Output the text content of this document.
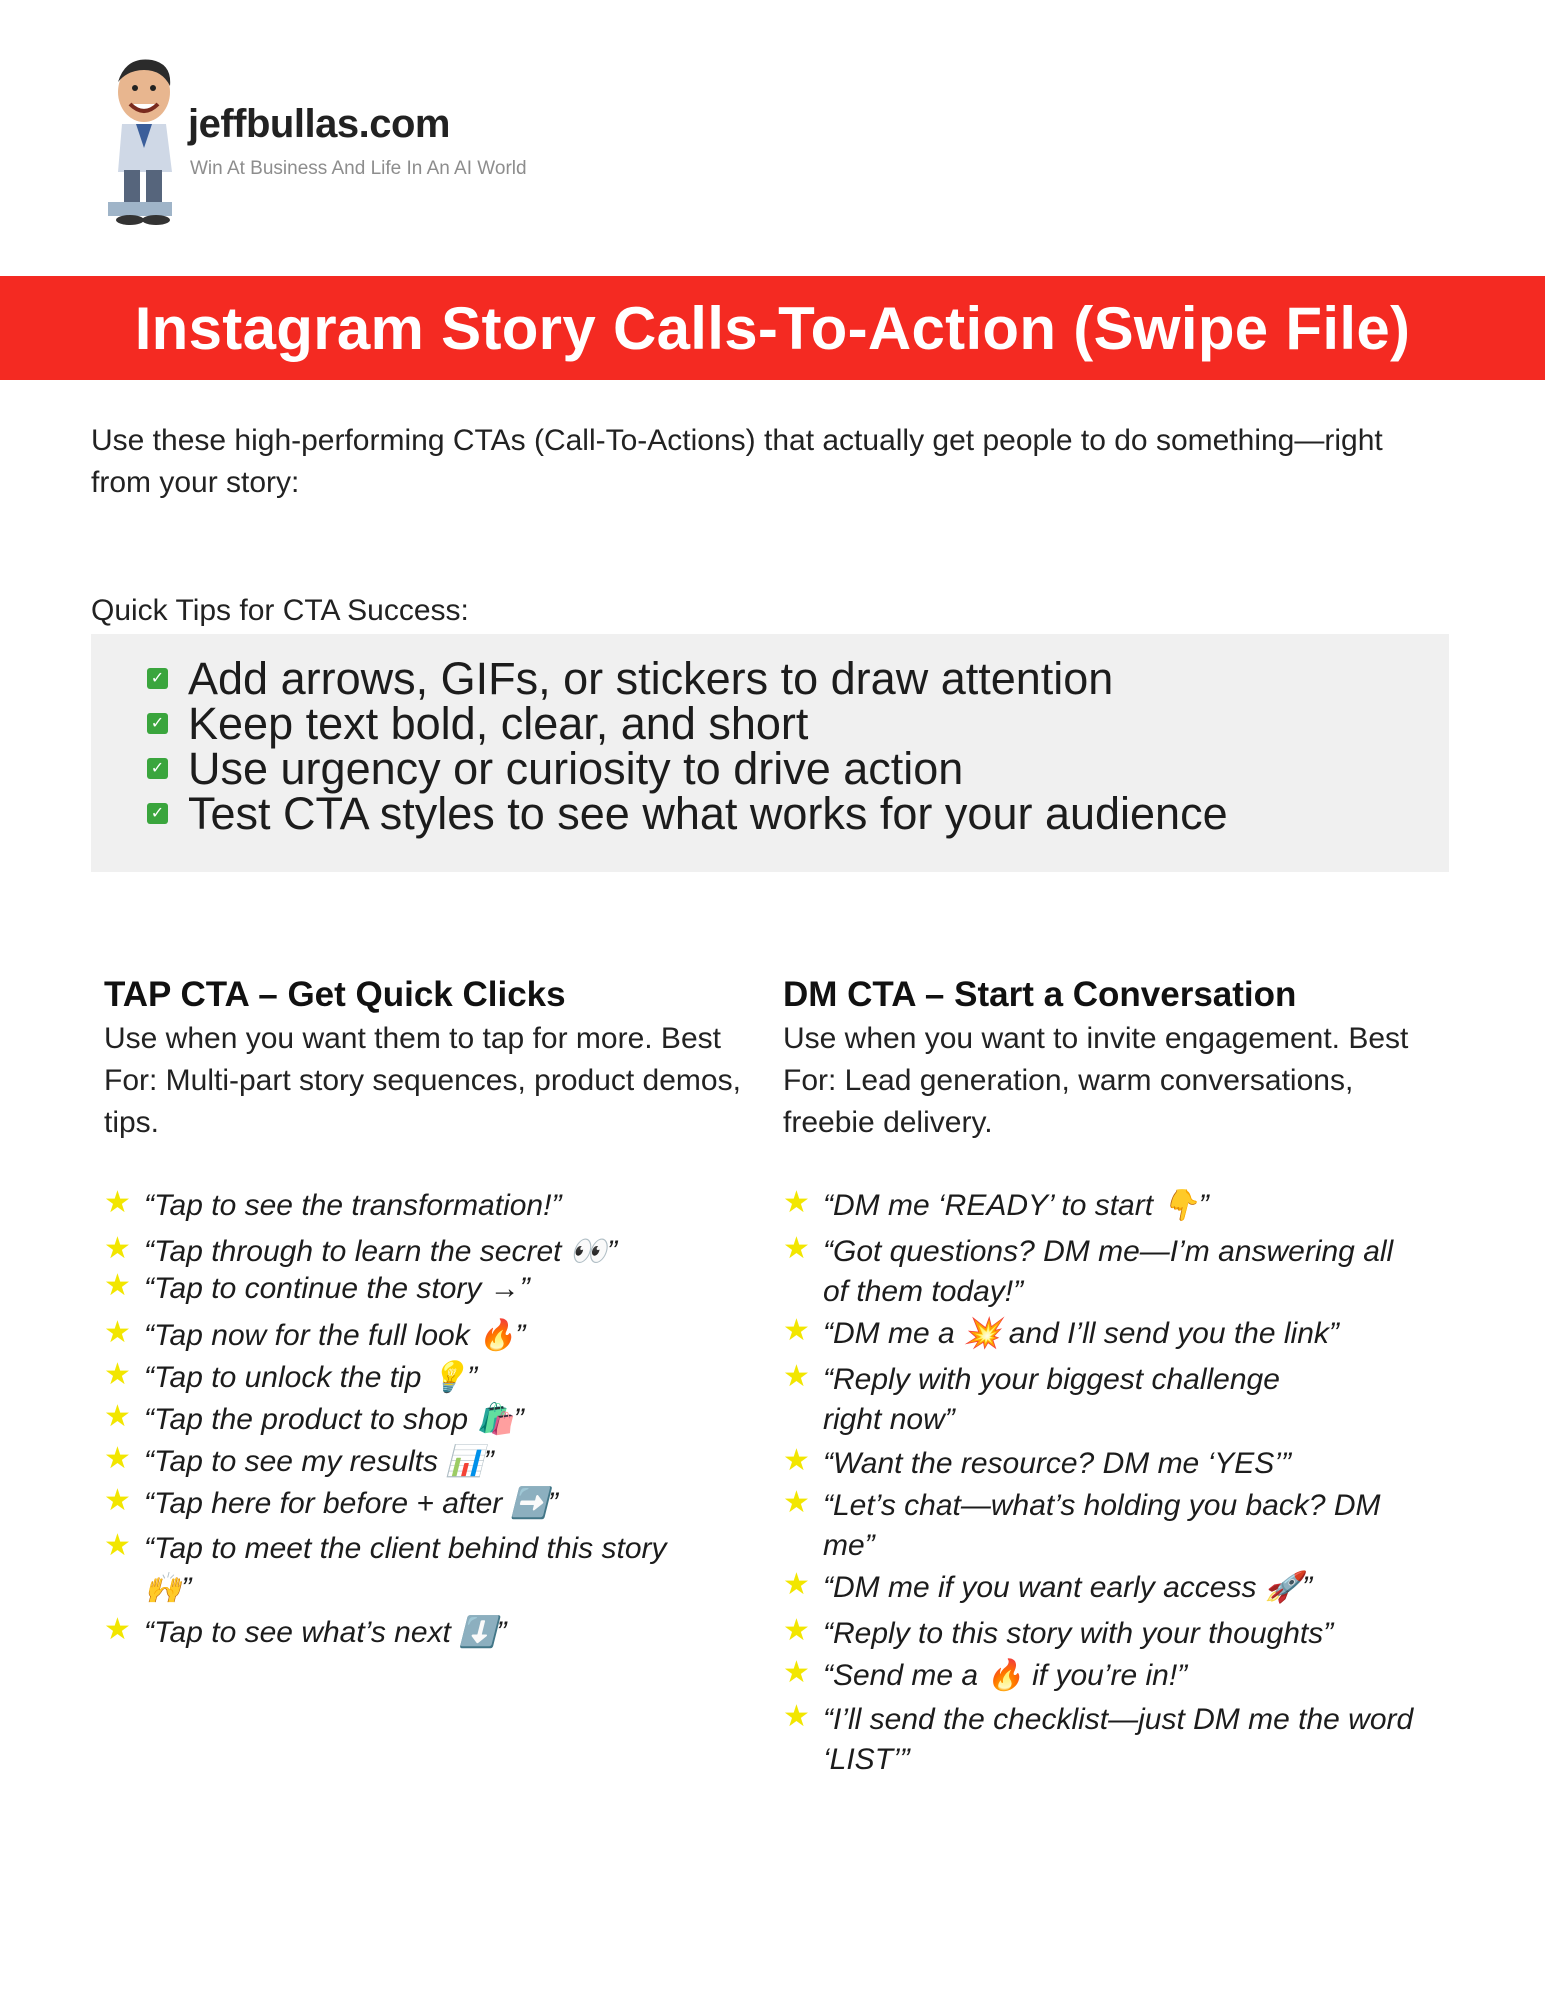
jeffbullas.com

Win At Business And Life In An AI World

Instagram Story Calls-To-Action (Swipe File)

Use these high-performing CTAs (Call-To-Actions) that actually get people to do something—right from your story:

Quick Tips for CTA Success:

✓ Add arrows, GIFs, or stickers to draw attention
✓ Keep text bold, clear, and short
✓ Use urgency or curiosity to drive action
✓ Test CTA styles to see what works for your audience
TAP CTA – Get Quick Clicks

Use when you want them to tap for more. Best For: Multi-part story sequences, product demos, tips.

★ “Tap to see the transformation!”
★ “Tap through to learn the secret 👀”
★ “Tap to continue the story →”
★ “Tap now for the full look 🔥”
★ “Tap to unlock the tip 💡”
★ “Tap the product to shop 🛍️”
★ “Tap to see my results 📊”
★ “Tap here for before + after ➡️”
★ “Tap to meet the client behind this story 🙌”
★ “Tap to see what’s next ⬇️”
DM CTA – Start a Conversation

Use when you want to invite engagement. Best For: Lead generation, warm conversations, freebie delivery.

★ “DM me ‘READY’ to start 👇”
★ “Got questions? DM me—I’m answering all of them today!”
★ “DM me a 💥 and I’ll send you the link”
★ “Reply with your biggest challenge right now”
★ “Want the resource? DM me ‘YES’”
★ “Let’s chat—what’s holding you back? DM me”
★ “DM me if you want early access 🚀”
★ “Reply to this story with your thoughts”
★ “Send me a 🔥 if you’re in!”
★ “I’ll send the checklist—just DM me the word ‘LIST’”
